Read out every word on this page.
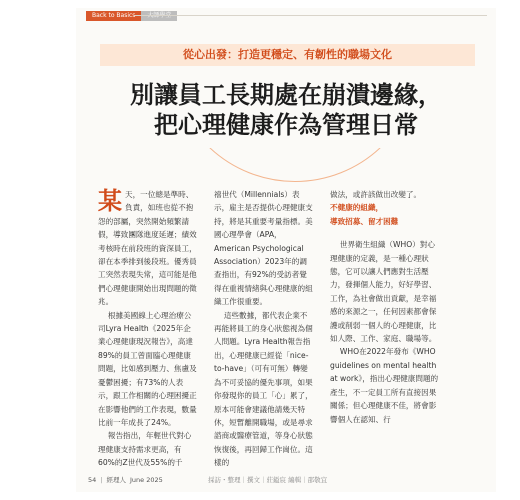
Back to Basics	大師學堂
從心出發：打造更穩定、有韌性的職場文化
別讓員工長期處在崩潰邊緣，
把心理健康作為管理日常

某天，一位總是準時、負責，如班也從不抱怨的部屬，突然開始頻繁請假，導致團隊進度延遲；績效考核時在前段班的資深員工，卻在本季排到後段班。優秀員工突然表現失常，這可能是他們心理健康開始出現問題的徵兆。

根據美國線上心理治療公司Lyra Health《2025年企業心理健康現況報告》，高達89%的員工曾面臨心理健康問題，比如感到壓力、焦慮及憂鬱困擾；有73%的人表示，跟工作相關的心理困擾正在影響他們的工作表現，數量比前一年成長了24%。

報告指出，年輕世代對心理健康支持需求更高，有60%的Z世代及55%的千

禧世代（Millennials）表示，雇主是否提供心理健康支持，將是其重要考量指標。美國心理學會（APA，American Psychological Association）2023年的調查指出，有92%的受訪者覺得在重視情緒與心理健康的組織工作很重要。

這些數據，都代表企業不再能將員工的身心狀態視為個人問題。Lyra Health報告指出，心理健康已經從「nice-to-have」（可有可無）轉變為不可妥協的優先事項，如果你發現你的員工「心」累了，原本可能會建議他請幾天特休，短暫離開職場，或是尋求諮商或醫療管道，等身心狀態恢復後，再回歸工作崗位。這樣的

做法，或許該做出改變了。

不健康的組織，
導致招募、留才困難

世界衛生組織（WHO）對心理健康的定義，是一種心理狀態，它可以讓人們應對生活壓力，發揮個人能力，好好學習、工作，為社會做出貢獻，是幸福感的來源之一，任何因素都會保護或削弱一個人的心理健康，比如人際、工作、家庭、職場等。

WHO在2022年發布《WHO guidelines on mental health at work》，指出心理健康問題的產生，不一定員工所有直接因果關係；但心理健康不佳，將會影響個人在認知、行

54 | 經理人 June 2025	採訪・整理｜撰文｜莊鎰宸 編輯｜邵敬宜
